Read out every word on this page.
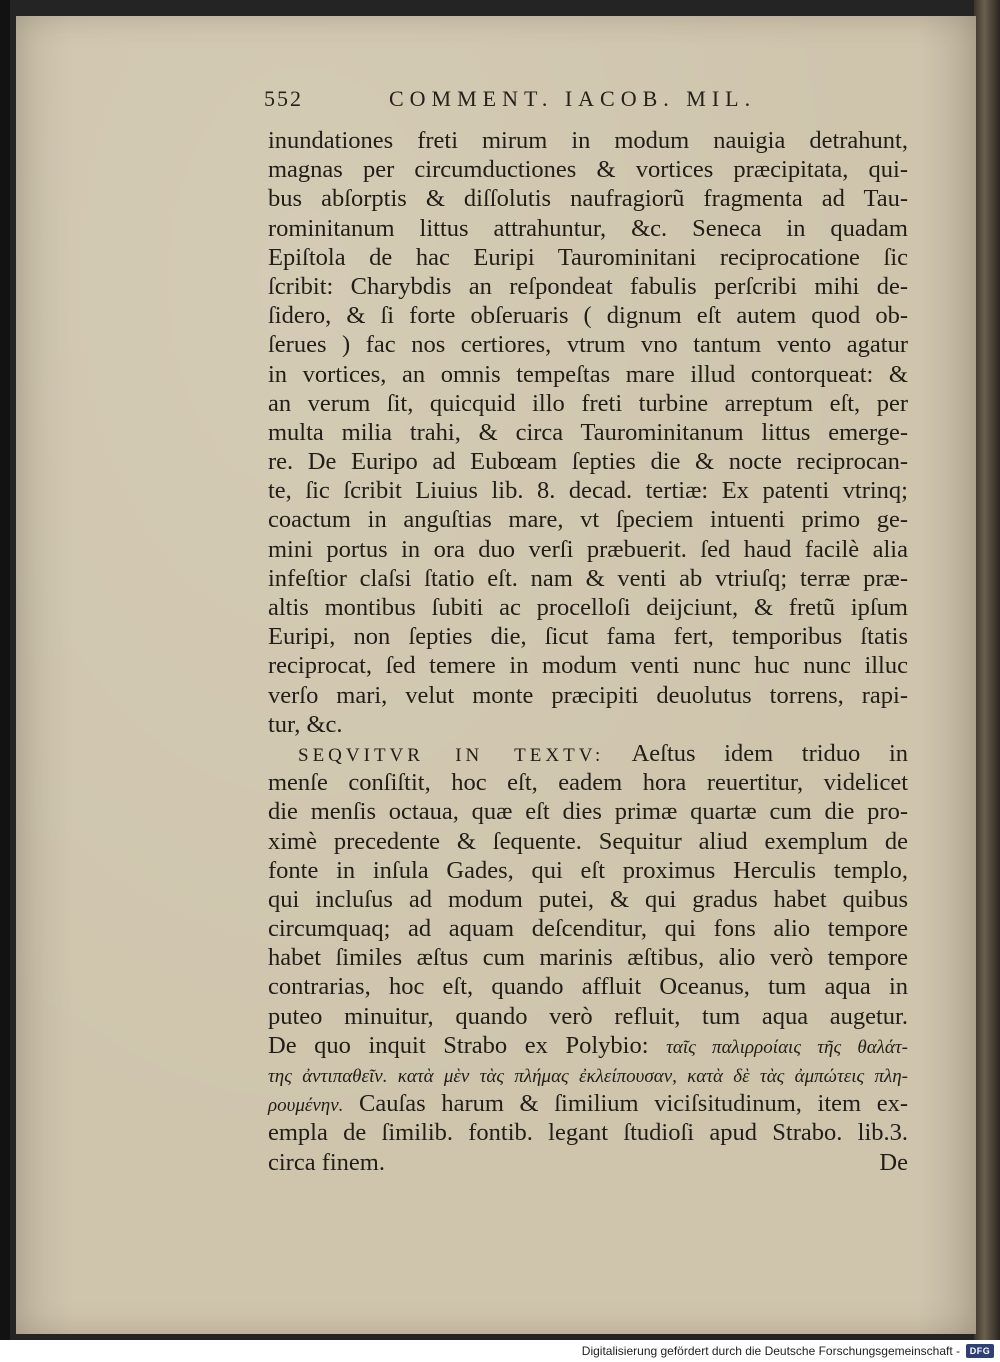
552	COMMENT. IACOB. MIL.
inundationes freti mirum in modum nauigia detrahunt,
magnas per circumductiones & vortices præcipitata, qui-
bus abſorptis & diſſolutis naufragiorũ fragmenta ad Tau-
rominitanum littus attrahuntur, &c. Seneca in quadam
Epiſtola de hac Euripi Taurominitani reciprocatione ſic
ſcribit: Charybdis an reſpondeat fabulis perſcribi mihi de-
ſidero, & ſi forte obſeruaris ( dignum eſt autem quod ob-
ſerues ) fac nos certiores, vtrum vno tantum vento agatur
in vortices, an omnis tempeſtas mare illud contorqueat: &
an verum ſit, quicquid illo freti turbine arreptum eſt, per
multa milia trahi, & circa Taurominitanum littus emerge-
re. De Euripo ad Eubœam ſepties die & nocte reciprocan-
te, ſic ſcribit Liuius lib. 8. decad. tertiæ: Ex patenti vtrinq;
coactum in anguſtias mare, vt ſpeciem intuenti primo ge-
mini portus in ora duo verſi præbuerit. ſed haud facilè alia
infeſtior claſsi ſtatio eſt. nam & venti ab vtriuſq; terræ præ-
altis montibus ſubiti ac procelloſi deijciunt, & fretũ ipſum
Euripi, non ſepties die, ſicut fama fert, temporibus ſtatis
reciprocat, ſed temere in modum venti nunc huc nunc illuc
verſo mari, velut monte præcipiti deuolutus torrens, rapi-
tur, &c.
SEQVITVR IN TEXTV: Aeſtus idem triduo in
menſe conſiſtit, hoc eſt, eadem hora reuertitur, videlicet
die menſis octaua, quæ eſt dies primæ quartæ cum die pro-
ximè precedente & ſequente. Sequitur aliud exemplum de
fonte in inſula Gades, qui eſt proximus Herculis templo,
qui incluſus ad modum putei, & qui gradus habet quibus
circumquaq; ad aquam deſcenditur, qui fons alio tempore
habet ſimiles æſtus cum marinis æſtibus, alio verò tempore
contrarias, hoc eſt, quando affluit Oceanus, tum aqua in
puteo minuitur, quando verò refluit, tum aqua augetur.
De quo inquit Strabo ex Polybio: ταῖς παλιρροίαις τῆς θαλάτ-
της ἀντιπαθεῖν. κατὰ μὲν τὰς πλήμας ἐκλείπουσαν, κατὰ δὲ τὰς ἀμπώτεις πλη-
ρουμένην. Cauſas harum & ſimilium viciſsitudinum, item ex-
empla de ſimilib. fontib. legant ſtudioſi apud Strabo. lib.3.
circa finem.	De
Digitalisierung gefördert durch die Deutsche Forschungsgemeinschaft -	DFG
